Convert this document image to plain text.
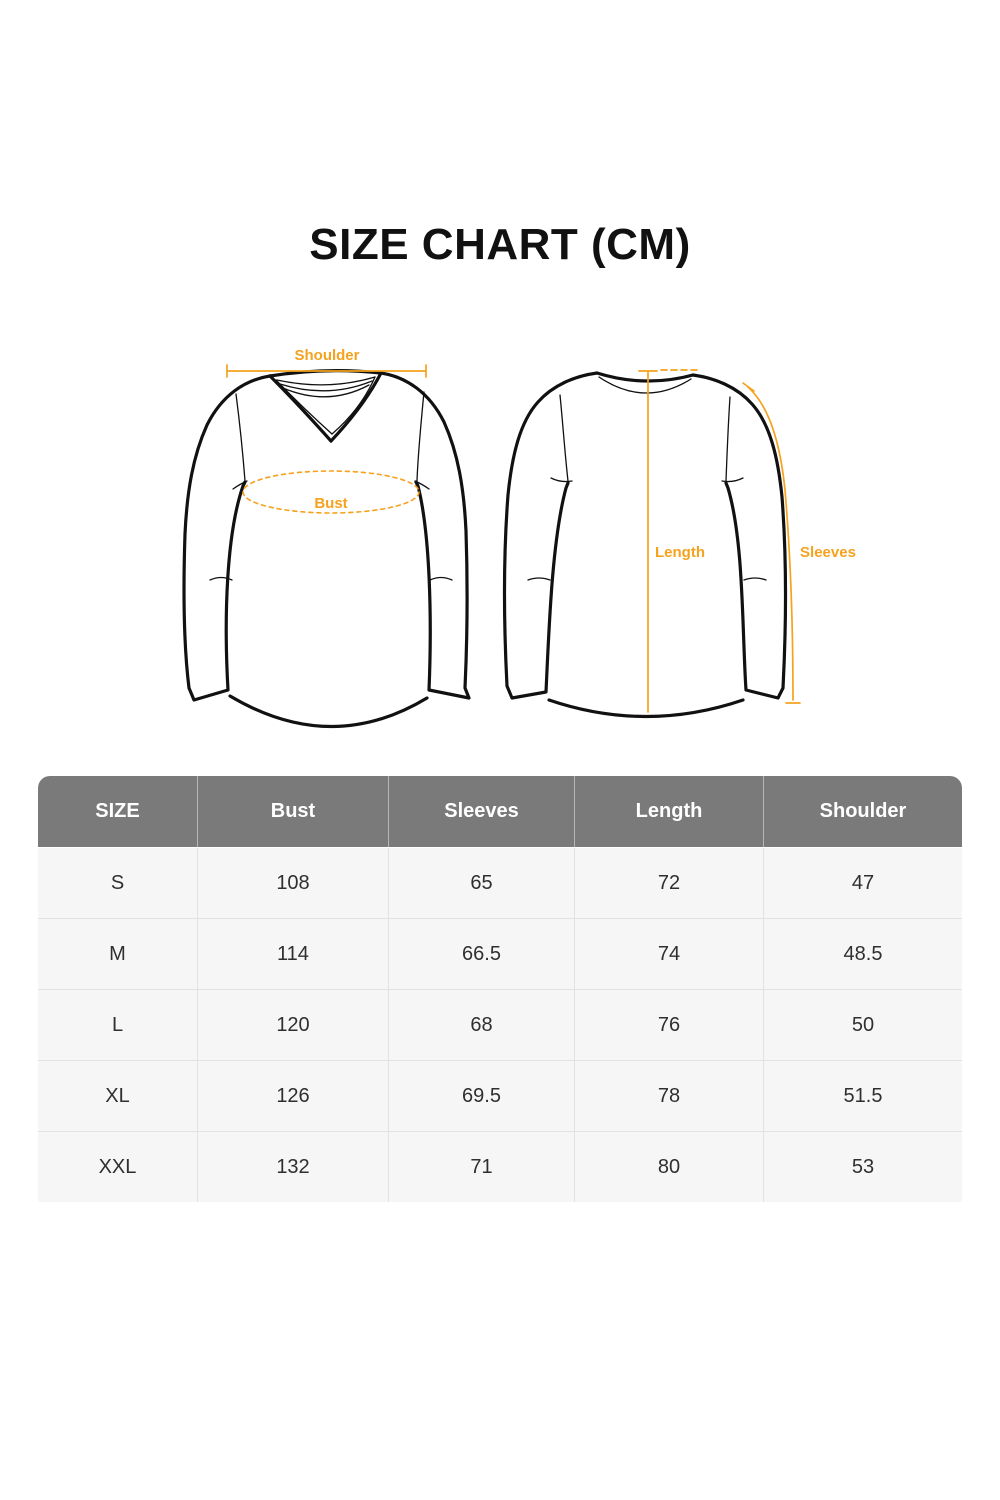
SIZE CHART (CM)
Shoulder
Bust
Length	Sleeves
SIZE	Bust	Sleeves	Length	Shoulder
S	108	65	72	47
M	114	66.5	74	48.5
L	120	68	76	50
XL	126	69.5	78	51.5
XXL	132	71	80	53
